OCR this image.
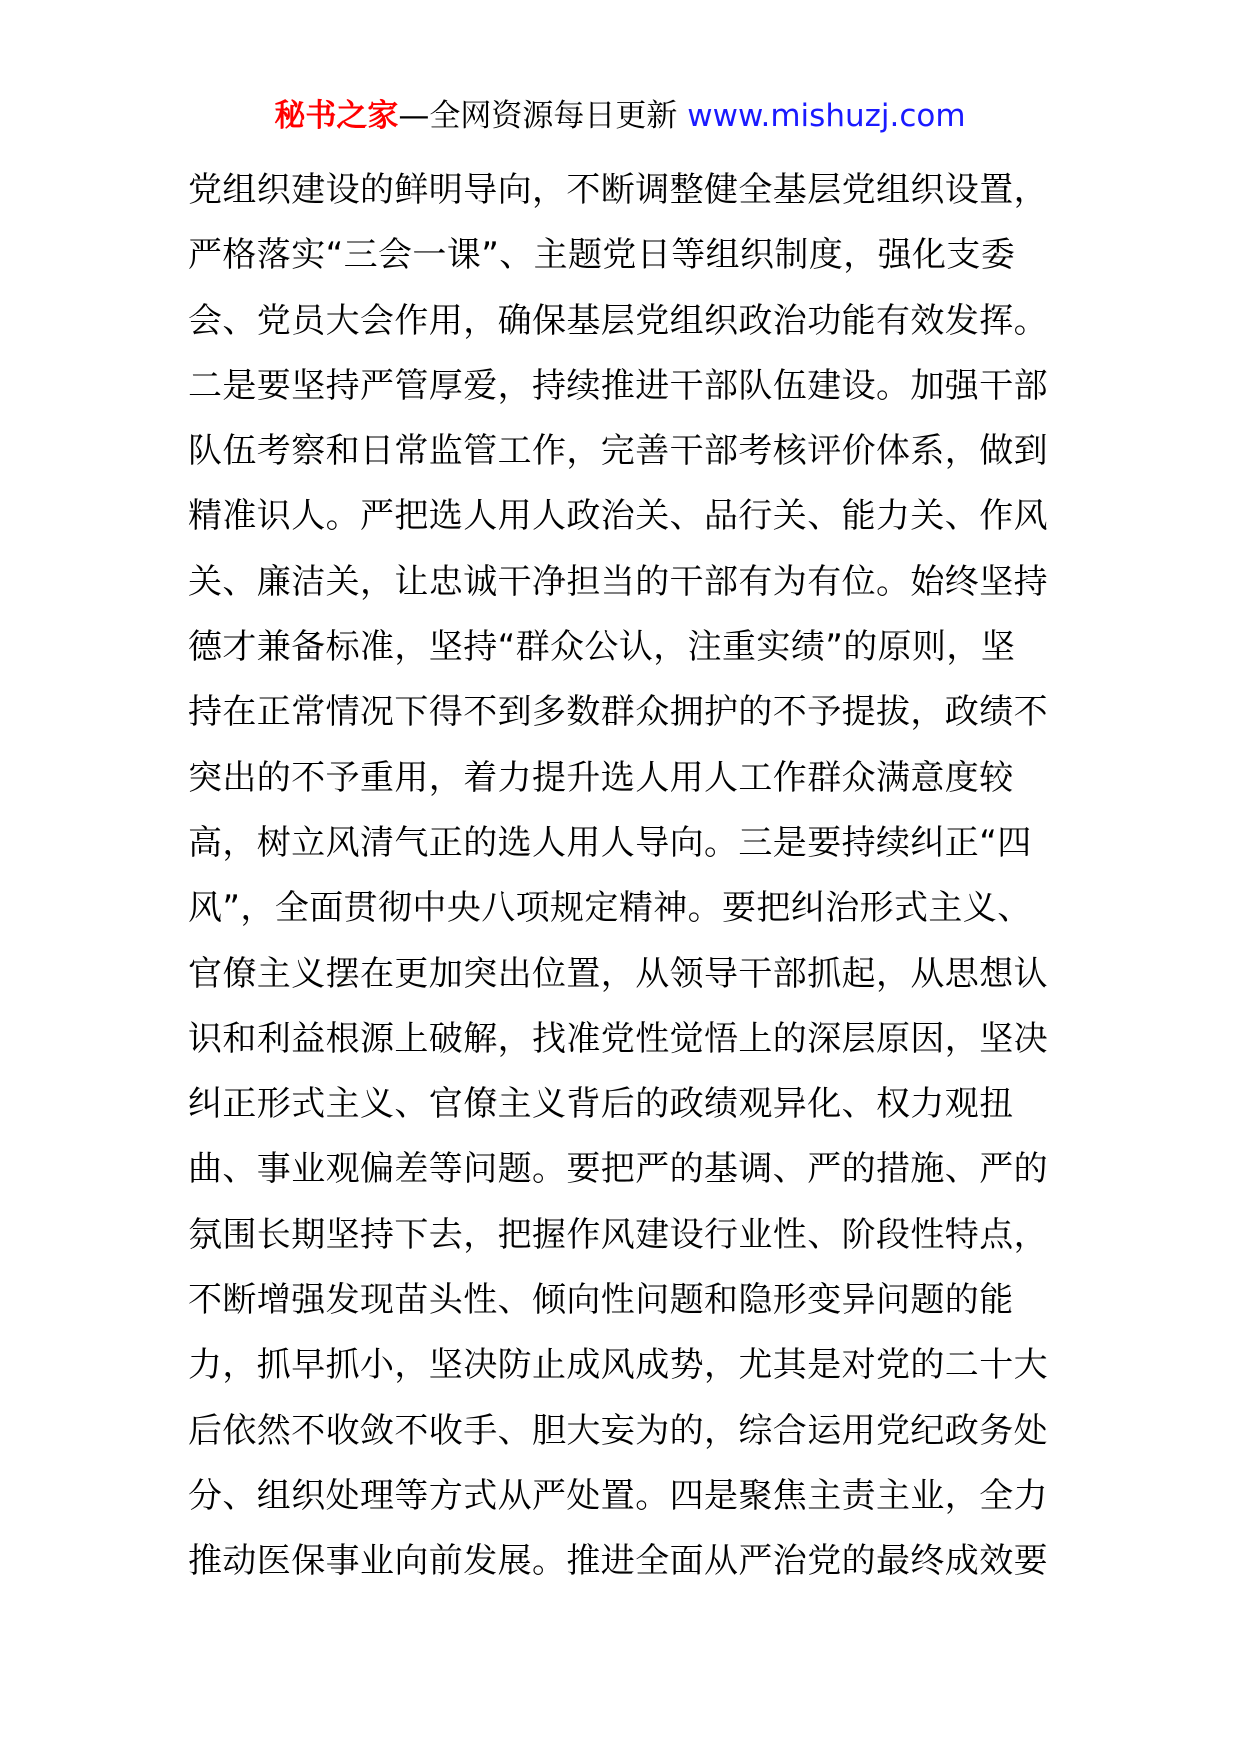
秘书之家—全网资源每日更新 www.mishuzj.com
党组织建设的鲜明导向，不断调整健全基层党组织设置，
严格落实“三会一课”、主题党日等组织制度，强化支委
会、党员大会作用，确保基层党组织政治功能有效发挥。
二是要坚持严管厚爱，持续推进干部队伍建设。加强干部
队伍考察和日常监管工作，完善干部考核评价体系，做到
精准识人。严把选人用人政治关、品行关、能力关、作风
关、廉洁关，让忠诚干净担当的干部有为有位。始终坚持
德才兼备标准，坚持“群众公认，注重实绩”的原则，坚
持在正常情况下得不到多数群众拥护的不予提拔，政绩不
突出的不予重用，着力提升选人用人工作群众满意度较
高，树立风清气正的选人用人导向。三是要持续纠正“四
风”，全面贯彻中央八项规定精神。要把纠治形式主义、
官僚主义摆在更加突出位置，从领导干部抓起，从思想认
识和利益根源上破解，找准党性觉悟上的深层原因，坚决
纠正形式主义、官僚主义背后的政绩观异化、权力观扭
曲、事业观偏差等问题。要把严的基调、严的措施、严的
氛围长期坚持下去，把握作风建设行业性、阶段性特点，
不断增强发现苗头性、倾向性问题和隐形变异问题的能
力，抓早抓小，坚决防止成风成势，尤其是对党的二十大
后依然不收敛不收手、胆大妄为的，综合运用党纪政务处
分、组织处理等方式从严处置。四是聚焦主责主业，全力
推动医保事业向前发展。推进全面从严治党的最终成效要
